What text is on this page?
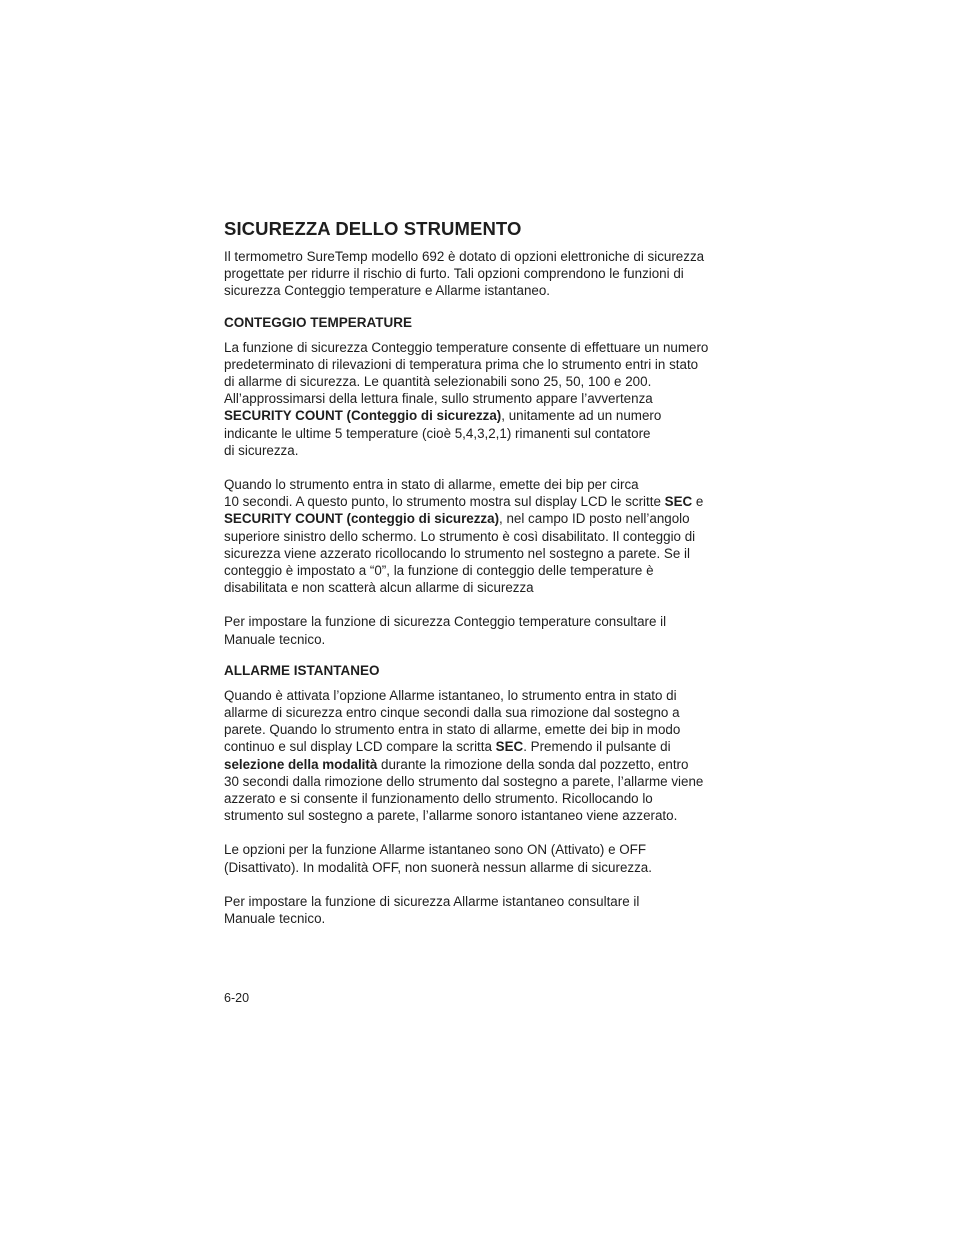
SICUREZZA DELLO STRUMENTO

Il termometro SureTemp modello 692 è dotato di opzioni elettroniche di sicurezza
progettate per ridurre il rischio di furto. Tali opzioni comprendono le funzioni di
sicurezza Conteggio temperature e Allarme istantaneo.

CONTEGGIO TEMPERATURE

La funzione di sicurezza Conteggio temperature consente di effettuare un numero
predeterminato di rilevazioni di temperatura prima che lo strumento entri in stato
di allarme di sicurezza. Le quantità selezionabili sono 25, 50, 100 e 200.
All’approssimarsi della lettura finale, sullo strumento appare l’avvertenza
SECURITY COUNT (Conteggio di sicurezza), unitamente ad un numero
indicante le ultime 5 temperature (cioè 5,4,3,2,1) rimanenti sul contatore
di sicurezza.

Quando lo strumento entra in stato di allarme, emette dei bip per circa
10 secondi. A questo punto, lo strumento mostra sul display LCD le scritte SEC e
SECURITY COUNT (conteggio di sicurezza), nel campo ID posto nell’angolo
superiore sinistro dello schermo. Lo strumento è così disabilitato. Il conteggio di
sicurezza viene azzerato ricollocando lo strumento nel sostegno a parete. Se il
conteggio è impostato a “0”, la funzione di conteggio delle temperature è
disabilitata e non scatterà alcun allarme di sicurezza

Per impostare la funzione di sicurezza Conteggio temperature consultare il
Manuale tecnico.

ALLARME ISTANTANEO

Quando è attivata l’opzione Allarme istantaneo, lo strumento entra in stato di
allarme di sicurezza entro cinque secondi dalla sua rimozione dal sostegno a
parete. Quando lo strumento entra in stato di allarme, emette dei bip in modo
continuo e sul display LCD compare la scritta SEC. Premendo il pulsante di
selezione della modalità durante la rimozione della sonda dal pozzetto, entro
30 secondi dalla rimozione dello strumento dal sostegno a parete, l’allarme viene
azzerato e si consente il funzionamento dello strumento. Ricollocando lo
strumento sul sostegno a parete, l’allarme sonoro istantaneo viene azzerato.

Le opzioni per la funzione Allarme istantaneo sono ON (Attivato) e OFF
(Disattivato). In modalità OFF, non suonerà nessun allarme di sicurezza.

Per impostare la funzione di sicurezza Allarme istantaneo consultare il
Manuale tecnico.

6-20
